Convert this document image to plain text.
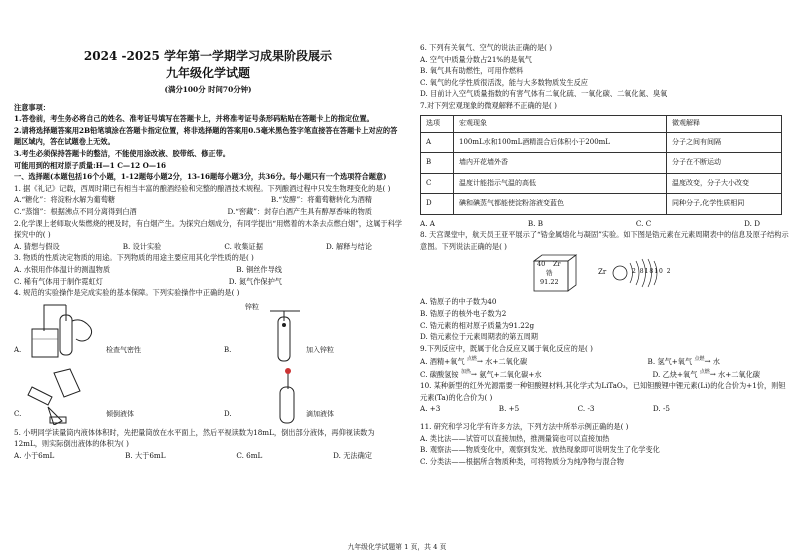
2024 -2025 学年第一学期学习成果阶段展示
九年级化学试题
(满分100分 时间70分钟)

注意事项：

1.答卷前，考生务必将自己的姓名、准考证号填写在答题卡上，并将准考证号条形码粘贴在答题卡上的指定位置。

2.请将选择题答案用2B铅笔填涂在答题卡指定位置，将非选择题的答案用0.5毫米黑色签字笔直接答在答题卡上对应的答题区域内，答在试题卷上无效。

3.考生必须保持答题卡的整洁，不能使用涂改液、胶带纸、修正带。

可能用到的相对原子质量:H—1 C—12 O—16

一、选择题(本题包括16个小题，1-12题每小题2分，13-16题每小题3分，共36分。每小题只有一个选项符合题意)

1. 据《礼记》记载，西周时期已有相当丰富的酿酒经验和完整的酿酒技术规程。下列酿酒过程中只发生物理变化的是( )

A.“糖化”：将淀粉水解为葡萄糖	B.“发酵”：将葡萄糖转化为酒精
C.“蒸馏”：根据沸点不同分离得到白酒	D.“窖藏”：封存白酒产生具有醇厚香味的物质

2.化学课上老师取火柴燃烧的梗及时，有白烟产生。为探究白烟成分，有同学提出“用燃着的木条去点燃白烟”，这属于科学探究中的( )

A. 猜想与假设	B. 设计实验	C. 收集证据	D. 解释与结论

3. 物质的性质决定物质的用途。下列物质的用途主要应用其化学性质的是( )

A. 水银用作体温计的测温物质	B. 铜丝作导线
C. 稀有气体用于制作霓虹灯	D. 氮气作保护气

4. 规范的实验操作是完成实验的基本保障。下列实验操作中正确的是( )

A.	检查气密性	B.
锌粒
加入锌粒
C.	倾倒液体	D.	滴加液体

5. 小明同学读量筒内液体体积时，先把量筒放在水平面上，然后平视读数为18mL，倒出部分液体，再仰视读数为12mL，则实际倒出液体的体积为( )

A. 小于6mL	B. 大于6mL	C. 6mL	D. 无法确定

6. 下列有关氧气、空气的说法正确的是( )

A. 空气中质量分数占21%的是氧气

B. 氧气具有助燃性，可用作燃料

C. 氧气的化学性质很活泼，能与大多数物质发生反应

D. 目前计入空气质量指数的有害气体有二氧化硫、一氧化碳、二氧化氮、臭氧

7.对下列宏观现象的微观解释不正确的是( )

选项	宏观现象	微观解释
A	100mL水和100mL酒精混合后体积小于200mL	分子之间有间隔
B	墙内开花墙外香	分子在不断运动
C	温度计能指示气温的高低	温度改变，分子大小改变
D	碘和碘蒸气都能使淀粉溶液变蓝色	同种分子,化学性质相同
A. A	B. B	C. C	D. D

8. 天宫课堂中，航天员王亚平展示了“锆金属熔化与凝固”实验。如下图是锆元素在元素周期表中的信息及原子结构示意图。下列说法正确的是( )

40 Zr
锆
91.22
Zr	2 81810 2

A. 锆原子的中子数为40

B. 锆原子的核外电子数为2

C. 锆元素的相对原子质量为91.22g

D. 锆元素位于元素周期表的第五周期

9.下列反应中，既属于化合反应又属于氧化反应的是( )

A. 酒精+氧气 $^{点燃}$→ 水+二氧化碳	B. 氢气+氧气 $^{点燃}$→ 水
C. 碳酸氢铵 $^{加热}$→ 氨气+二氧化碳+水	D. 乙炔+氧气 $^{点燃}$→ 水+二氧化碳

10. 某种新型的红外光源需要一种钽酸锂材料,其化学式为LiTaO₃，已知钽酸锂中锂元素(Li)的化合价为+1价，则钽元素(Ta)的化合价为( )

A. +3	B. +5	C. -3	D. -5

11. 研究和学习化学有许多方法，下列方法中所举示例正确的是( )

A. 类比法——试管可以直接加热，推测量筒也可以直接加热

B. 观察法——物质变化中，观察到发光、放热现象即可说明发生了化学变化

C. 分类法——根据所含物质种类，可将物质分为纯净物与混合物

九年级化学试题第 1 页，共 4 页
